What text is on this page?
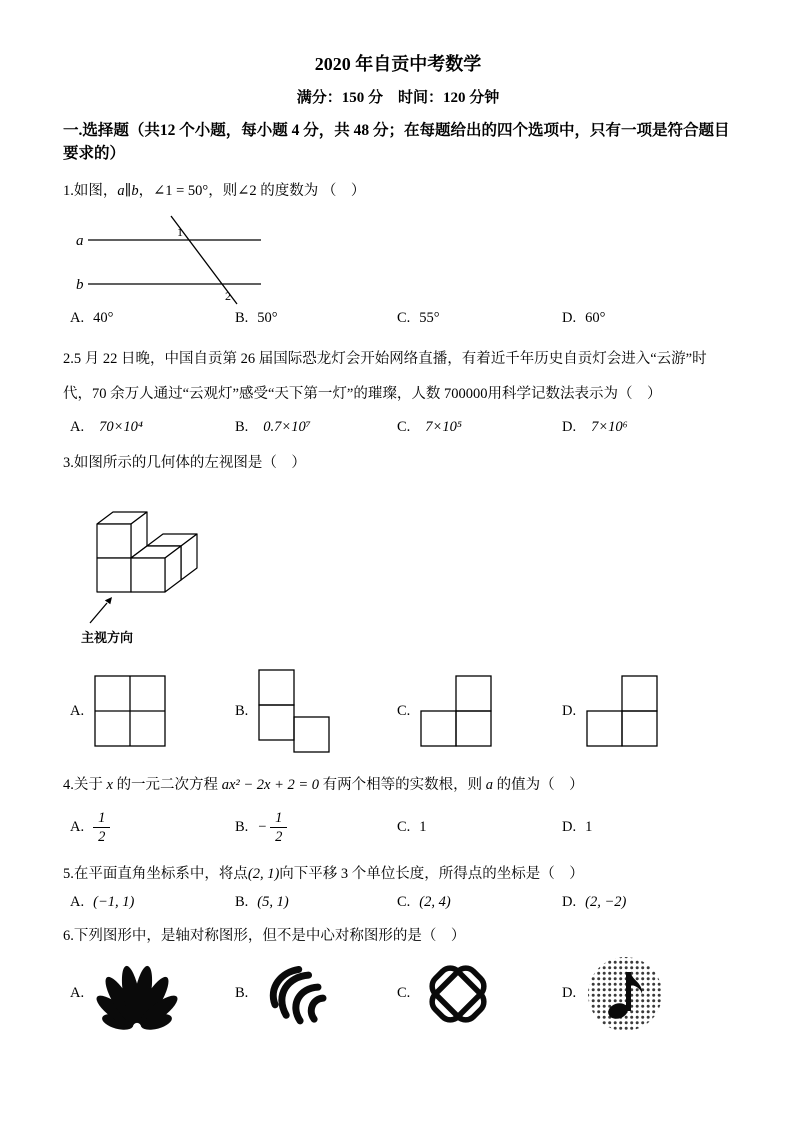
2020 年自贡中考数学
满分：150 分　时间：120 分钟
一.选择题（共12 个小题，每小题 4 分，共 48 分；在每题给出的四个选项中，只有一项是符合题目要求的）

1.如图，a∥b，∠1 = 50°，则∠2 的度数为 （　）

a
b
1
2
A. 40°	B. 50°	C. 55°	D. 60°

2.5 月 22 日晚，中国自贡第 26 届国际恐龙灯会开始网络直播，有着近千年历史自贡灯会进入“云游”时代，70 余万人通过“云观灯”感受“天下第一灯”的璀璨，人数 700000用科学记数法表示为（　）

A. 70×10⁴	B. 0.7×10⁷	C. 7×10⁵	D. 7×10⁶

3.如图所示的几何体的左视图是（　）

主视方向
A.	B.	C.	D.

4.关于 x 的一元二次方程 ax² − 2x + 2 = 0 有两个相等的实数根，则 a 的值为（　）

A. $\frac{1}{2}$	B. − $\frac{1}{2}$	C. 1	D. 1

5.在平面直角坐标系中，将点(2, 1)向下平移 3 个单位长度，所得点的坐标是（　）

A. (−1, 1)	B. (5, 1)	C. (2, 4)	D. (2, −2)

6.下列图形中，是轴对称图形，但不是中心对称图形的是（　）

A.	B.	C.	D.
